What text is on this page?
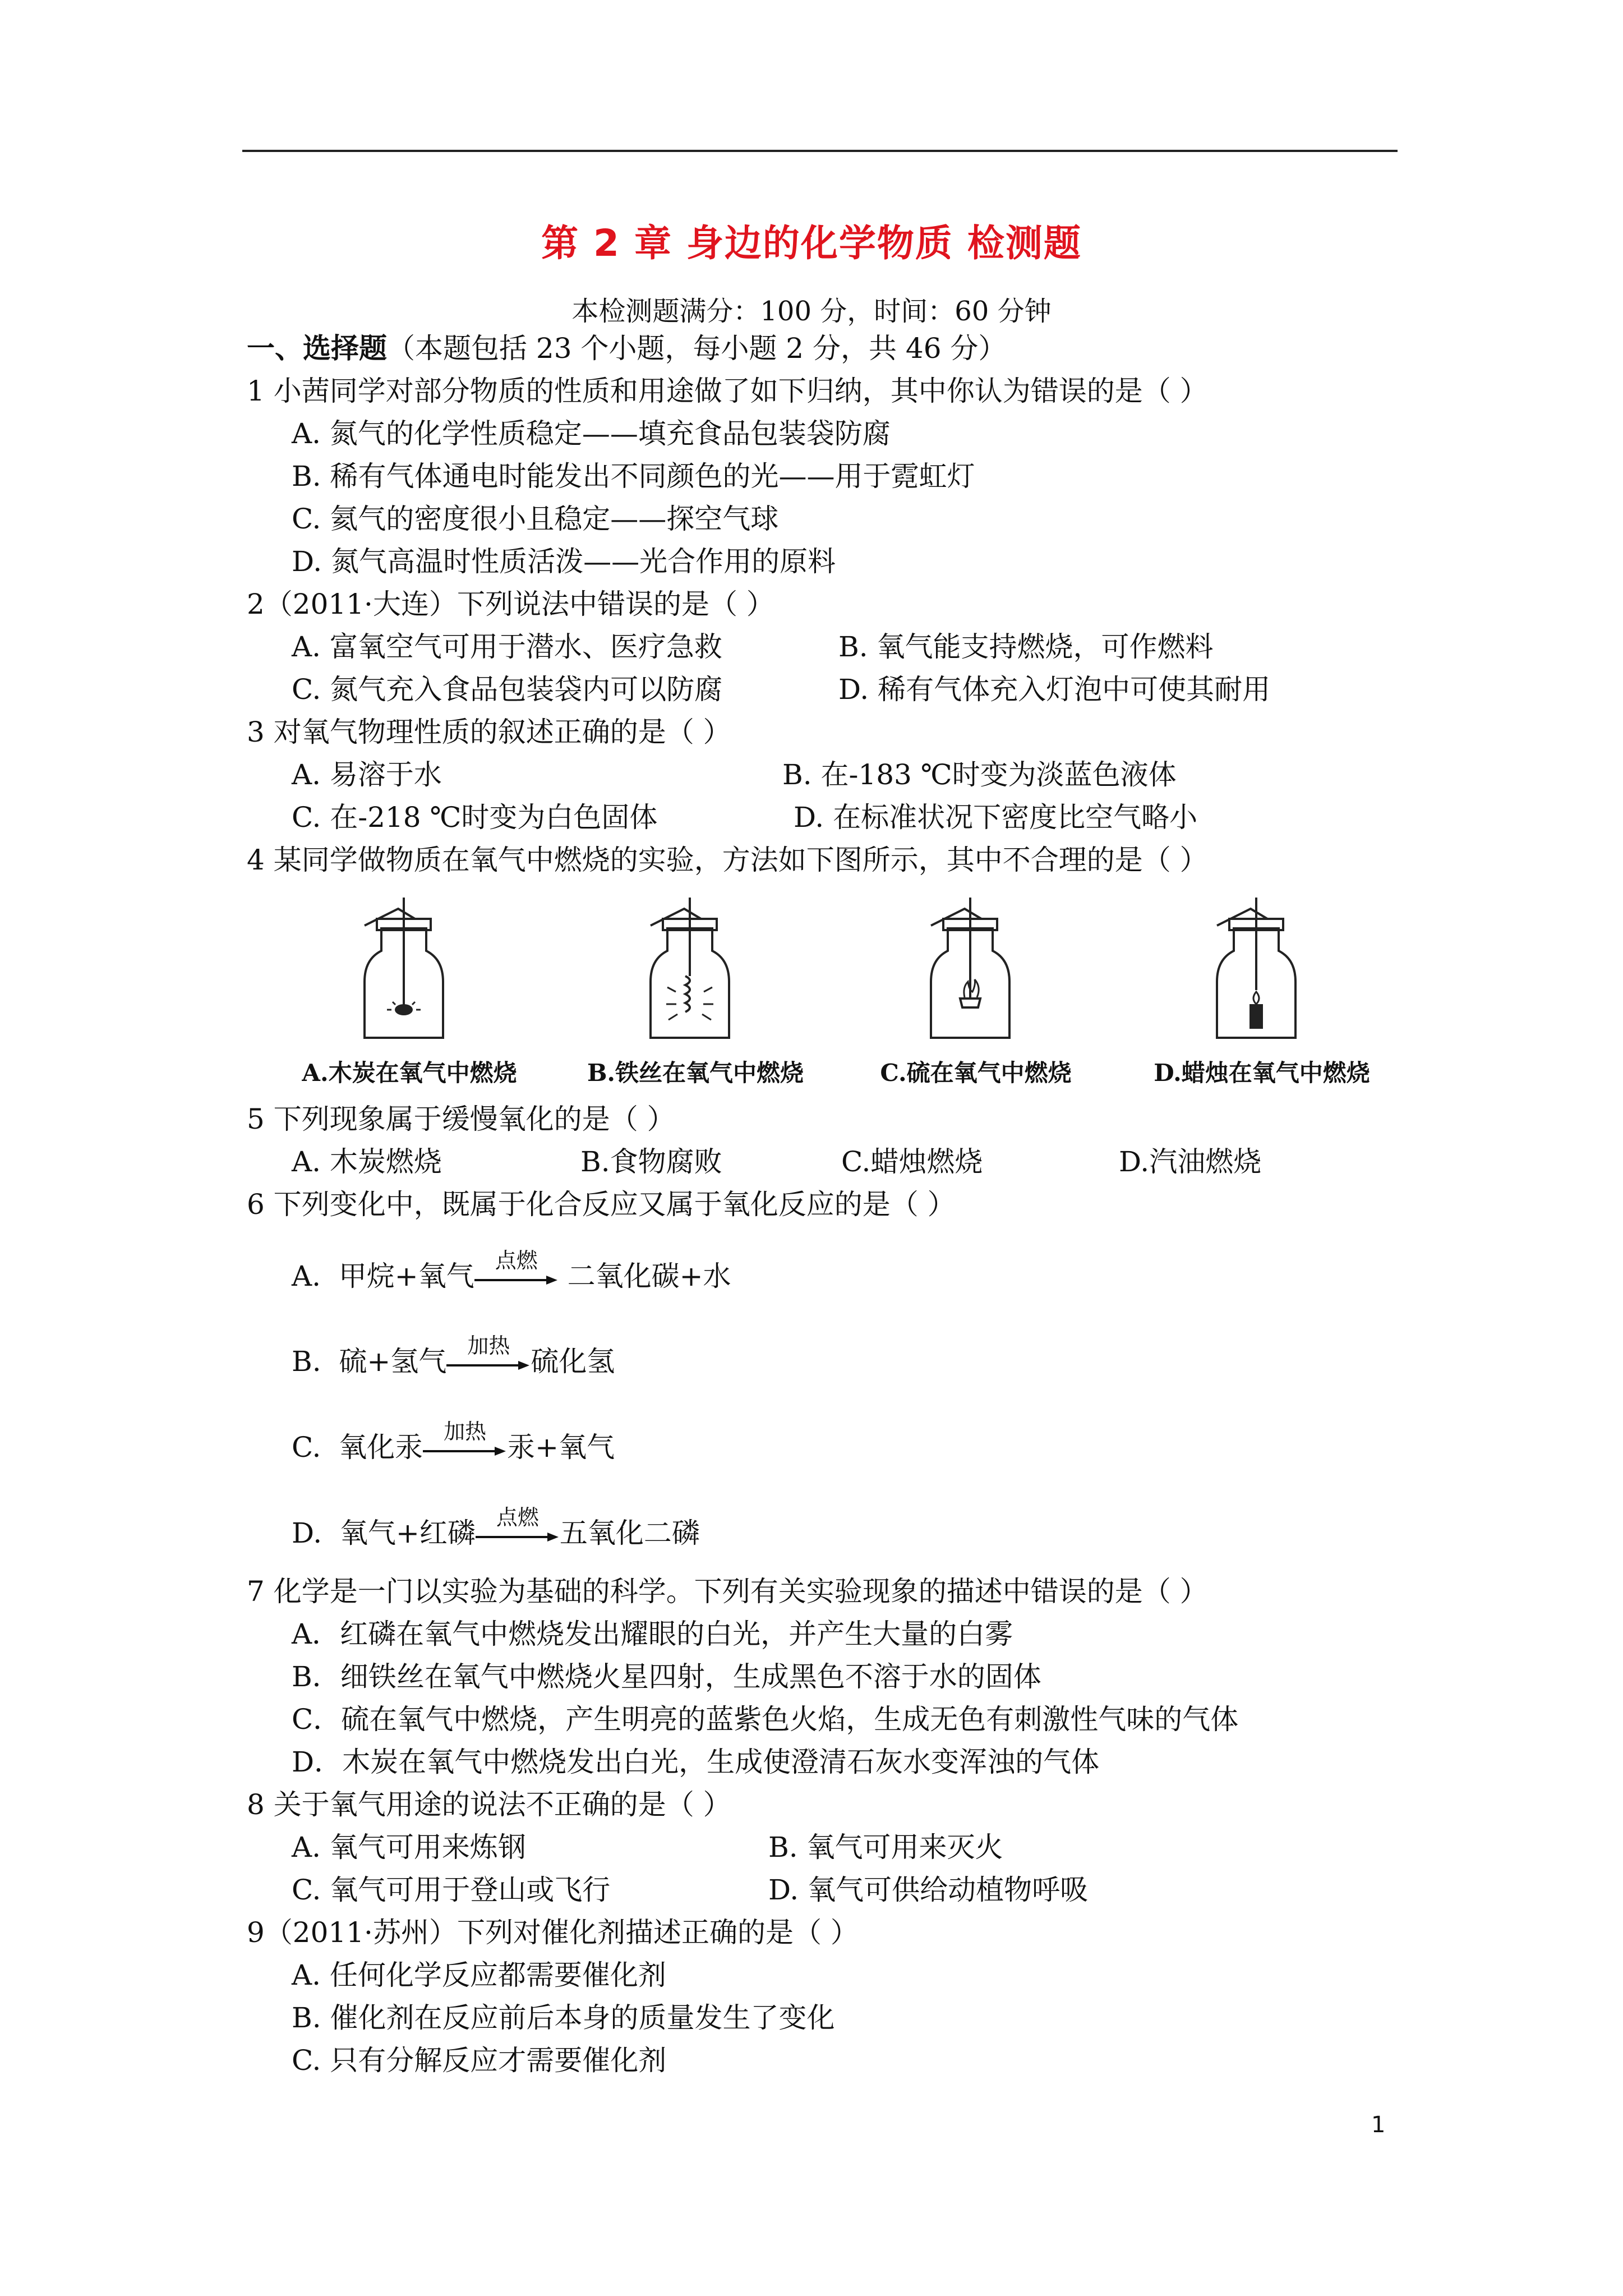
第 2 章 身边的化学物质 检测题
本检测题满分：100 分，时间：60 分钟
一、选择题（本题包括 23 个小题，每小题 2 分，共 46 分）
1 小茜同学对部分物质的性质和用途做了如下归纳，其中你认为错误的是（ ）
A. 氮气的化学性质稳定——填充食品包装袋防腐
B. 稀有气体通电时能发出不同颜色的光——用于霓虹灯
C. 氦气的密度很小且稳定——探空气球
D. 氮气高温时性质活泼——光合作用的原料
2（2011·大连）下列说法中错误的是（ ）
A. 富氧空气可用于潜水、医疗急救	B. 氧气能支持燃烧，可作燃料
C. 氮气充入食品包装袋内可以防腐	D. 稀有气体充入灯泡中可使其耐用
3 对氧气物理性质的叙述正确的是（ ）
A. 易溶于水	B. 在-183 ℃时变为淡蓝色液体
C. 在-218 ℃时变为白色固体	D. 在标准状况下密度比空气略小
4 某同学做物质在氧气中燃烧的实验，方法如下图所示，其中不合理的是（ ）
A.木炭在氧气中燃烧	B.铁丝在氧气中燃烧	C.硫在氧气中燃烧	D.蜡烛在氧气中燃烧
5 下列现象属于缓慢氧化的是（ ）
A. 木炭燃烧	B.食物腐败	C.蜡烛燃烧	D.汽油燃烧
6 下列变化中，既属于化合反应又属于氧化反应的是（ ）
A. 甲烷+氧气 点燃	二氧化碳+水
B. 硫+氢气 加热 硫化氢
C. 氧化汞 加热 汞+氧气
D. 氧气+红磷 点燃 五氧化二磷
7 化学是一门以实验为基础的科学。下列有关实验现象的描述中错误的是（ ）
A．红磷在氧气中燃烧发出耀眼的白光，并产生大量的白雾
B．细铁丝在氧气中燃烧火星四射，生成黑色不溶于水的固体
C．硫在氧气中燃烧，产生明亮的蓝紫色火焰，生成无色有刺激性气味的气体
D．木炭在氧气中燃烧发出白光，生成使澄清石灰水变浑浊的气体
8 关于氧气用途的说法不正确的是（ ）
A. 氧气可用来炼钢	B. 氧气可用来灭火
C. 氧气可用于登山或飞行	D. 氧气可供给动植物呼吸
9（2011·苏州）下列对催化剂描述正确的是（ ）
A. 任何化学反应都需要催化剂
B. 催化剂在反应前后本身的质量发生了变化
C. 只有分解反应才需要催化剂
1
